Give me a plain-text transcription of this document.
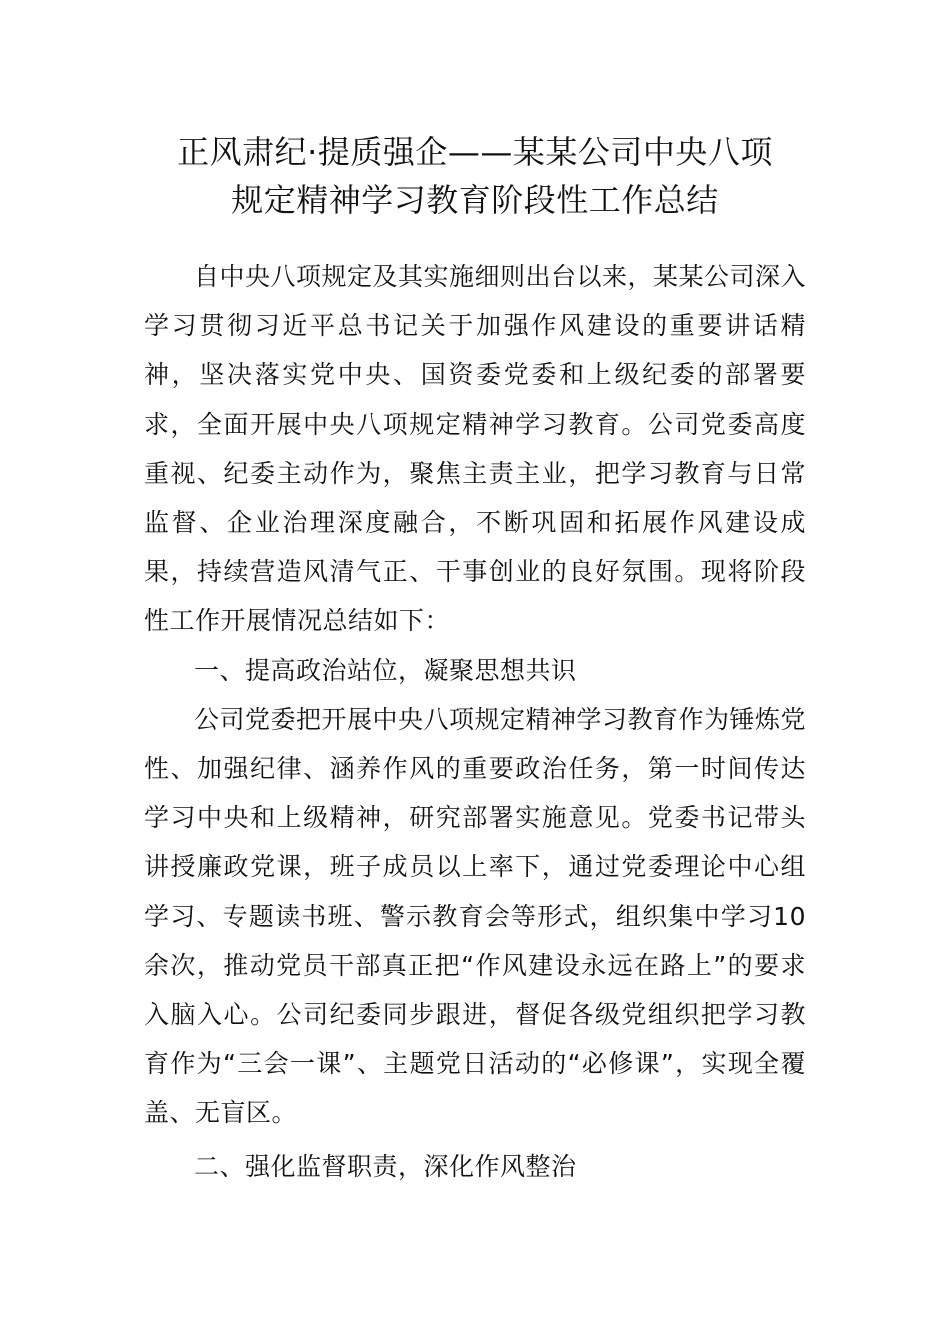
正风肃纪·提质强企——某某公司中央八项
规定精神学习教育阶段性工作总结

自中央八项规定及其实施细则出台以来，某某公司深入学习贯彻习近平总书记关于加强作风建设的重要讲话精神，坚决落实党中央、国资委党委和上级纪委的部署要求，全面开展中央八项规定精神学习教育。公司党委高度重视、纪委主动作为，聚焦主责主业，把学习教育与日常监督、企业治理深度融合，不断巩固和拓展作风建设成果，持续营造风清气正、干事创业的良好氛围。现将阶段性工作开展情况总结如下：

一、提高政治站位，凝聚思想共识

公司党委把开展中央八项规定精神学习教育作为锤炼党性、加强纪律、涵养作风的重要政治任务，第一时间传达学习中央和上级精神，研究部署实施意见。党委书记带头讲授廉政党课，班子成员以上率下，通过党委理论中心组学习、专题读书班、警示教育会等形式，组织集中学习10余次，推动党员干部真正把“作风建设永远在路上”的要求入脑入心。公司纪委同步跟进，督促各级党组织把学习教育作为“三会一课”、主题党日活动的“必修课”，实现全覆盖、无盲区。

二、强化监督职责，深化作风整治
